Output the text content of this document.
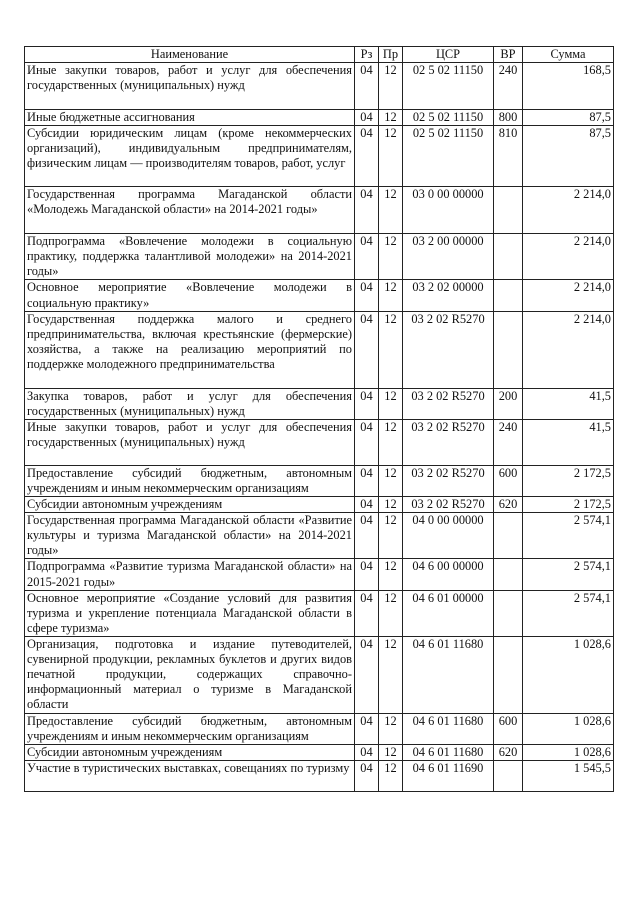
Наименование	Рз	Пр	ЦСР	ВР	Сумма
Иные закупки товаров, работ и услуг для обеспечения государственных (муниципальных) нужд	04	12	02 5 02 11150	240	168,5
Иные бюджетные ассигнования	04	12	02 5 02 11150	800	87,5
Субсидии юридическим лицам (кроме некоммерческих организаций), индивидуальным предпринимателям, физическим лицам — производителям товаров, работ, услуг	04	12	02 5 02 11150	810	87,5
Государственная программа Магаданской области «Молодежь Магаданской области» на 2014-2021 годы»	04	12	03 0 00 00000		2 214,0
Подпрограмма «Вовлечение молодежи в социальную практику, поддержка талантливой молодежи» на 2014-2021 годы»	04	12	03 2 00 00000		2 214,0
Основное мероприятие «Вовлечение молодежи в социальную практику»	04	12	03 2 02 00000		2 214,0
Государственная поддержка малого и среднего предпринимательства, включая крестьянские (фермерские) хозяйства, а также на реализацию мероприятий по поддержке молодежного предпринимательства	04	12	03 2 02 R5270		2 214,0
Закупка товаров, работ и услуг для обеспечения государственных (муниципальных) нужд	04	12	03 2 02 R5270	200	41,5
Иные закупки товаров, работ и услуг для обеспечения государственных (муниципальных) нужд	04	12	03 2 02 R5270	240	41,5
Предоставление субсидий бюджетным, автономным учреждениям и иным некоммерческим организациям	04	12	03 2 02 R5270	600	2 172,5
Субсидии автономным учреждениям	04	12	03 2 02 R5270	620	2 172,5
Государственная программа Магаданской области «Развитие культуры и туризма Магаданской области» на 2014-2021 годы»	04	12	04 0 00 00000		2 574,1
Подпрограмма «Развитие туризма Магаданской области» на 2015-2021 годы»	04	12	04 6 00 00000		2 574,1
Основное мероприятие «Создание условий для развития туризма и укрепление потенциала Магаданской области в сфере туризма»	04	12	04 6 01 00000		2 574,1
Организация, подготовка и издание путеводителей, сувенирной продукции, рекламных буклетов и других видов печатной продукции, содержащих справочно- информационный материал о туризме в Магаданской области	04	12	04 6 01 11680		1 028,6
Предоставление субсидий бюджетным, автономным учреждениям и иным некоммерческим организациям	04	12	04 6 01 11680	600	1 028,6
Субсидии автономным учреждениям	04	12	04 6 01 11680	620	1 028,6
Участие в туристических выставках, совещаниях по туризму	04	12	04 6 01 11690		1 545,5
